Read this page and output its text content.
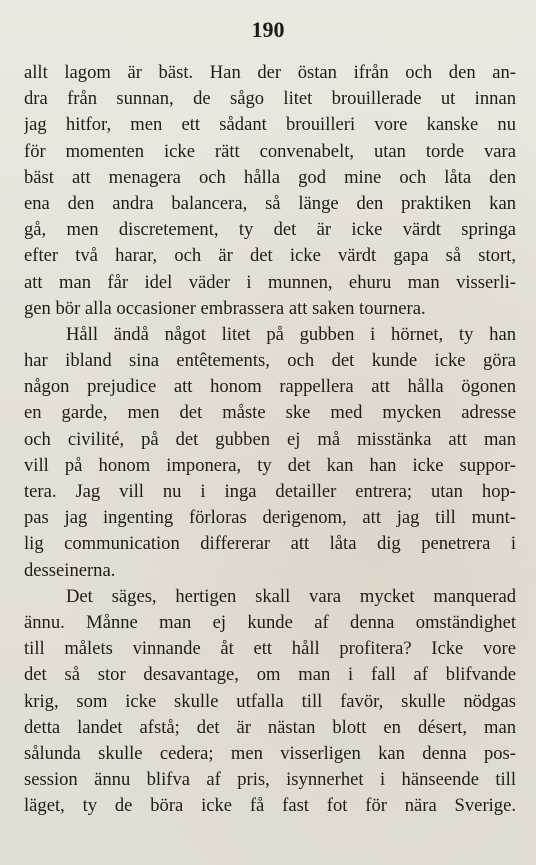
190
allt lagom är bäst. Han der östan ifrån och den an-
dra från sunnan, de sågo litet brouillerade ut innan
jag hitfor, men ett sådant brouilleri vore kanske nu
för momenten icke rätt convenabelt, utan torde vara
bäst att menagera och hålla god mine och låta den
ena den andra balancera, så länge den praktiken kan
gå, men discretement, ty det är icke värdt springa
efter två harar, och är det icke värdt gapa så stort,
att man får idel väder i munnen, ehuru man visserli-
gen bör alla occasioner embrassera att saken tournera.
Håll ändå något litet på gubben i hörnet, ty han
har ibland sina entêtements, och det kunde icke göra
någon prejudice att honom rappellera att hålla ögonen
en garde, men det måste ske med mycken adresse
och civilité, på det gubben ej må misstänka att man
vill på honom imponera, ty det kan han icke suppor-
tera. Jag vill nu i inga detailler entrera; utan hop-
pas jag ingenting förloras derigenom, att jag till munt-
lig communication differerar att låta dig penetrera i
desseinerna.
Det säges, hertigen skall vara mycket manquerad
ännu. Månne man ej kunde af denna omständighet
till målets vinnande åt ett håll profitera? Icke vore
det så stor desavantage, om man i fall af blifvande
krig, som icke skulle utfalla till favör, skulle nödgas
detta landet afstå; det är nästan blott en désert, man
sålunda skulle cedera; men visserligen kan denna pos-
session ännu blifva af pris, isynnerhet i hänseende till
läget, ty de böra icke få fast fot för nära Sverige.
